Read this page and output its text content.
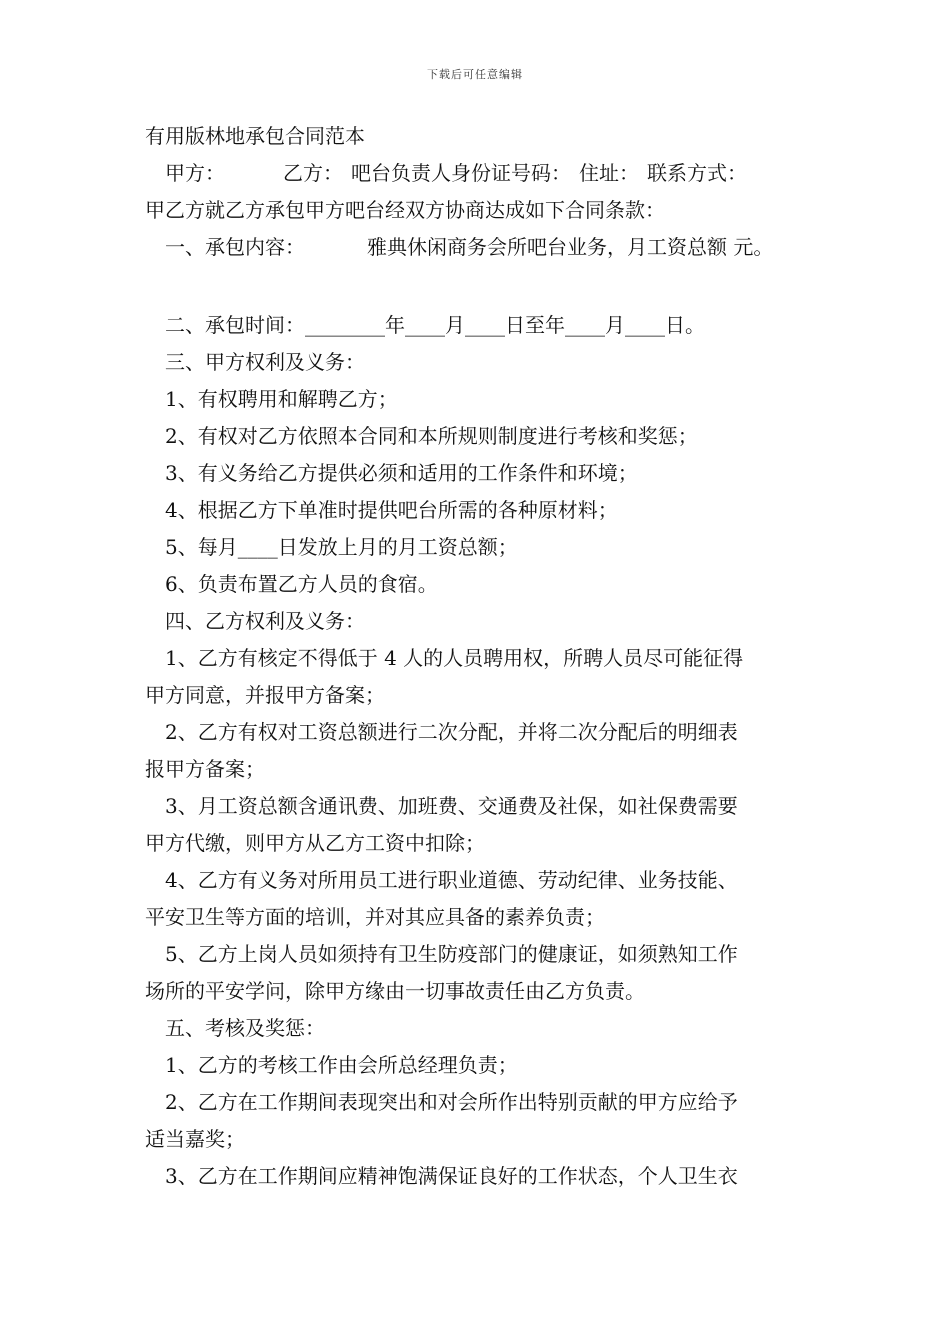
下载后可任意编辑
有用版林地承包合同范本
甲方：	乙方： 吧台负责人身份证号码： 住址： 联系方式：
甲乙方就乙方承包甲方吧台经双方协商达成如下合同条款：
一、承包内容：	雅典休闲商务会所吧台业务，月工资总额 元。
二、承包时间：________年____月____日至年____月____日。
三、甲方权利及义务：
1、有权聘用和解聘乙方；
2、有权对乙方依照本合同和本所规则制度进行考核和奖惩；
3、有义务给乙方提供必须和适用的工作条件和环境；
4、根据乙方下单准时提供吧台所需的各种原材料；
5、每月____日发放上月的月工资总额；
6、负责布置乙方人员的食宿。
四、乙方权利及义务：
1、乙方有核定不得低于 4 人的人员聘用权，所聘人员尽可能征得
甲方同意，并报甲方备案；
2、乙方有权对工资总额进行二次分配，并将二次分配后的明细表
报甲方备案；
3、月工资总额含通讯费、加班费、交通费及社保，如社保费需要
甲方代缴，则甲方从乙方工资中扣除；
4、乙方有义务对所用员工进行职业道德、劳动纪律、业务技能、
平安卫生等方面的培训，并对其应具备的素养负责；
5、乙方上岗人员如须持有卫生防疫部门的健康证，如须熟知工作
场所的平安学问，除甲方缘由一切事故责任由乙方负责。
五、考核及奖惩：
1、乙方的考核工作由会所总经理负责；
2、乙方在工作期间表现突出和对会所作出特别贡献的甲方应给予
适当嘉奖；
3、乙方在工作期间应精神饱满保证良好的工作状态，个人卫生衣
